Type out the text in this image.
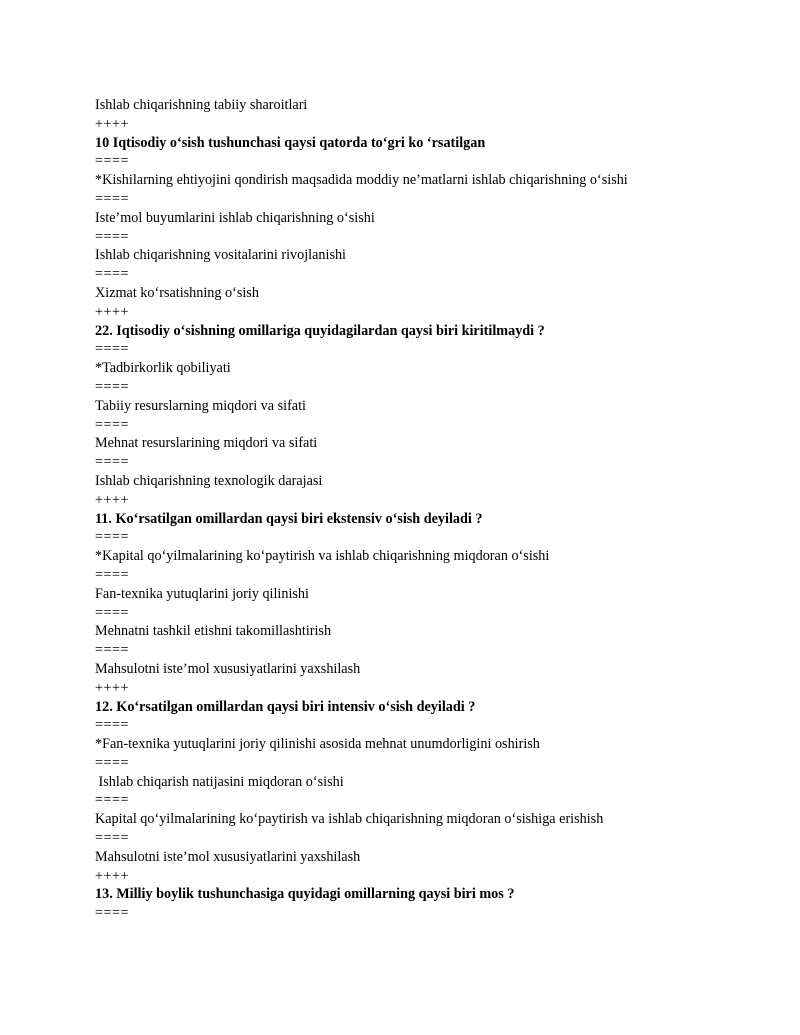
Ishlab chiqarishning tabiiy sharoitlari
++++
10 Iqtisodiy o‘sish tushunchasi qaysi qatorda to‘gri ko ‘rsatilgan
====
*Kishilarning ehtiyojini qondirish maqsadida moddiy ne’matlarni ishlab chiqarishning o‘sishi
====
Iste’mol buyumlarini ishlab chiqarishning o‘sishi
====
Ishlab chiqarishning vositalarini rivojlanishi
====
Xizmat ko‘rsatishning o‘sish
++++
22. Iqtisodiy o‘sishning omillariga quyidagilardan qaysi biri kiritilmaydi ?
====
*Tadbirkorlik qobiliyati
====
Tabiiy resurslarning miqdori va sifati
====
Mehnat resurslarining miqdori va sifati
====
Ishlab chiqarishning texnologik darajasi
++++
11. Ko‘rsatilgan omillardan qaysi biri ekstensiv o‘sish deyiladi ?
====
*Kapital qo‘yilmalarining ko‘paytirish va ishlab chiqarishning miqdoran o‘sishi
====
Fan-texnika yutuqlarini joriy qilinishi
====
Mehnatni tashkil etishni takomillashtirish
====
Mahsulotni iste’mol xususiyatlarini yaxshilash
++++
12. Ko‘rsatilgan omillardan qaysi biri intensiv o‘sish deyiladi ?
====
*Fan-texnika yutuqlarini joriy qilinishi asosida mehnat unumdorligini oshirish
====
Ishlab chiqarish natijasini miqdoran o‘sishi
====
Kapital qo‘yilmalarining ko‘paytirish va ishlab chiqarishning miqdoran o‘sishiga erishish
====
Mahsulotni iste’mol xususiyatlarini yaxshilash
++++
13. Milliy boylik tushunchasiga quyidagi omillarning qaysi biri mos ?
====
